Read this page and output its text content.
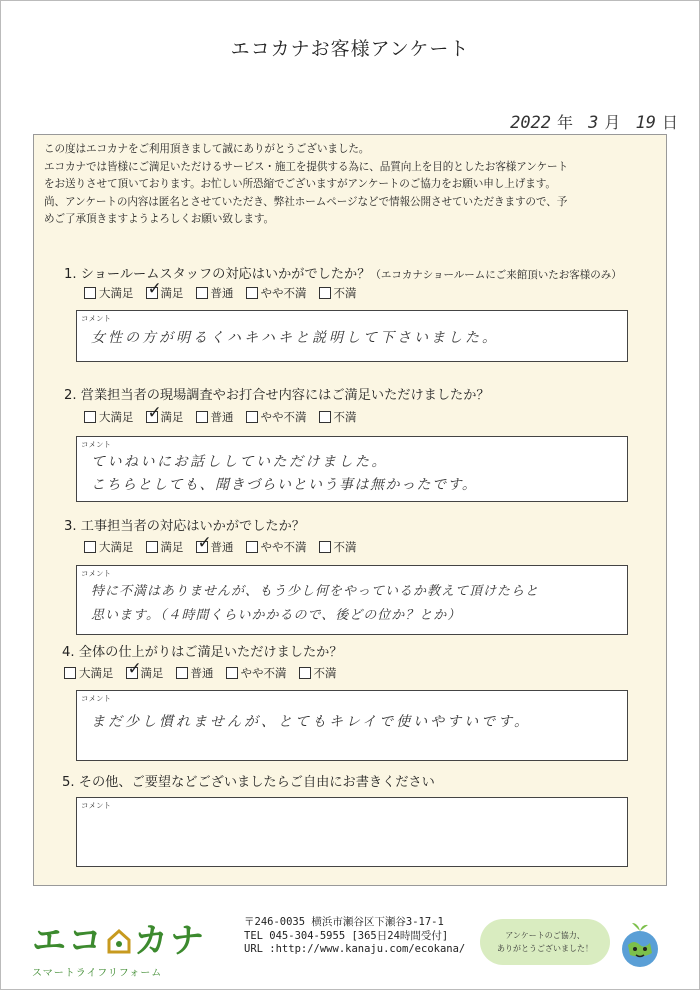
エコカナお客様アンケート
2022 年 3 月 19 日
この度はエコカナをご利用頂きまして誠にありがとうございました。
エコカナでは皆様にご満足いただけるサービス・施工を提供する為に、品質向上を目的としたお客様アンケート
をお送りさせて頂いております。お忙しい所恐縮でございますがアンケートのご協力をお願い申し上げます。
尚、アンケートの内容は匿名とさせていただき、弊社ホームページなどで情報公開させていただきますので、予
めご了承頂きますようよろしくお願い致します。
1. ショールームスタッフの対応はいかがでしたか？（エコカナショールームにご来館頂いたお客様のみ）
大満足 ✓
満足 普通 やや不満 不満
コメント
女性の方が明るくハキハキと説明して下さいました。
2. 営業担当者の現場調査やお打合せ内容にはご満足いただけましたか？
大満足 ✓
満足 普通 やや不満 不満
コメント
ていねいにお話ししていただけました。
こちらとしても、聞きづらいという事は無かったです。
3. 工事担当者の対応はいかがでしたか？
大満足 満足 ✓
普通 やや不満 不満
コメント
特に不満はありませんが、もう少し何をやっているか教えて頂けたらと
思います。（４時間くらいかかるので、後どの位か？とか）
4. 全体の仕上がりはご満足いただけましたか？
大満足 ✓
満足 普通 やや不満 不満
コメント
まだ少し慣れませんが、とてもキレイで使いやすいです。
5. その他、ご要望などございましたらご自由にお書きください
コメント
エコ カナ
スマートライフリフォーム
〒246-0035 横浜市瀬谷区下瀬谷3-17-1
TEL 045-304-5955 [365日24時間受付]
URL :http://www.kanaju.com/ecokana/
アンケートのご協力、
ありがとうございました！
